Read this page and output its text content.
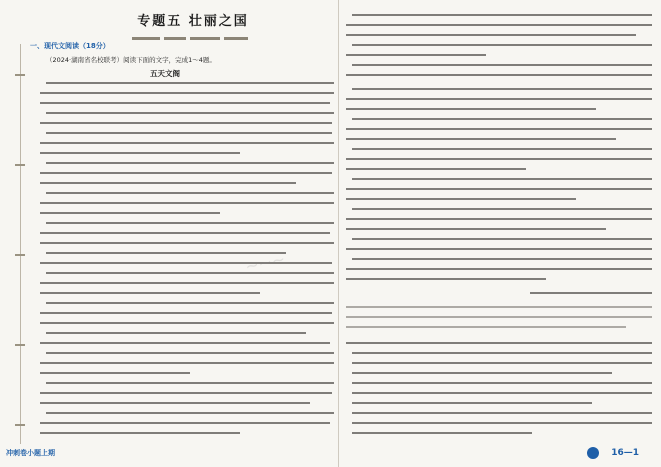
专题五 壮丽之国
一、现代文阅读（18分）
（2024·湖南省名校联考）阅读下面的文字，完成1～4题。
五天文阁
冲刺卷小题上期	16—1
~~~
